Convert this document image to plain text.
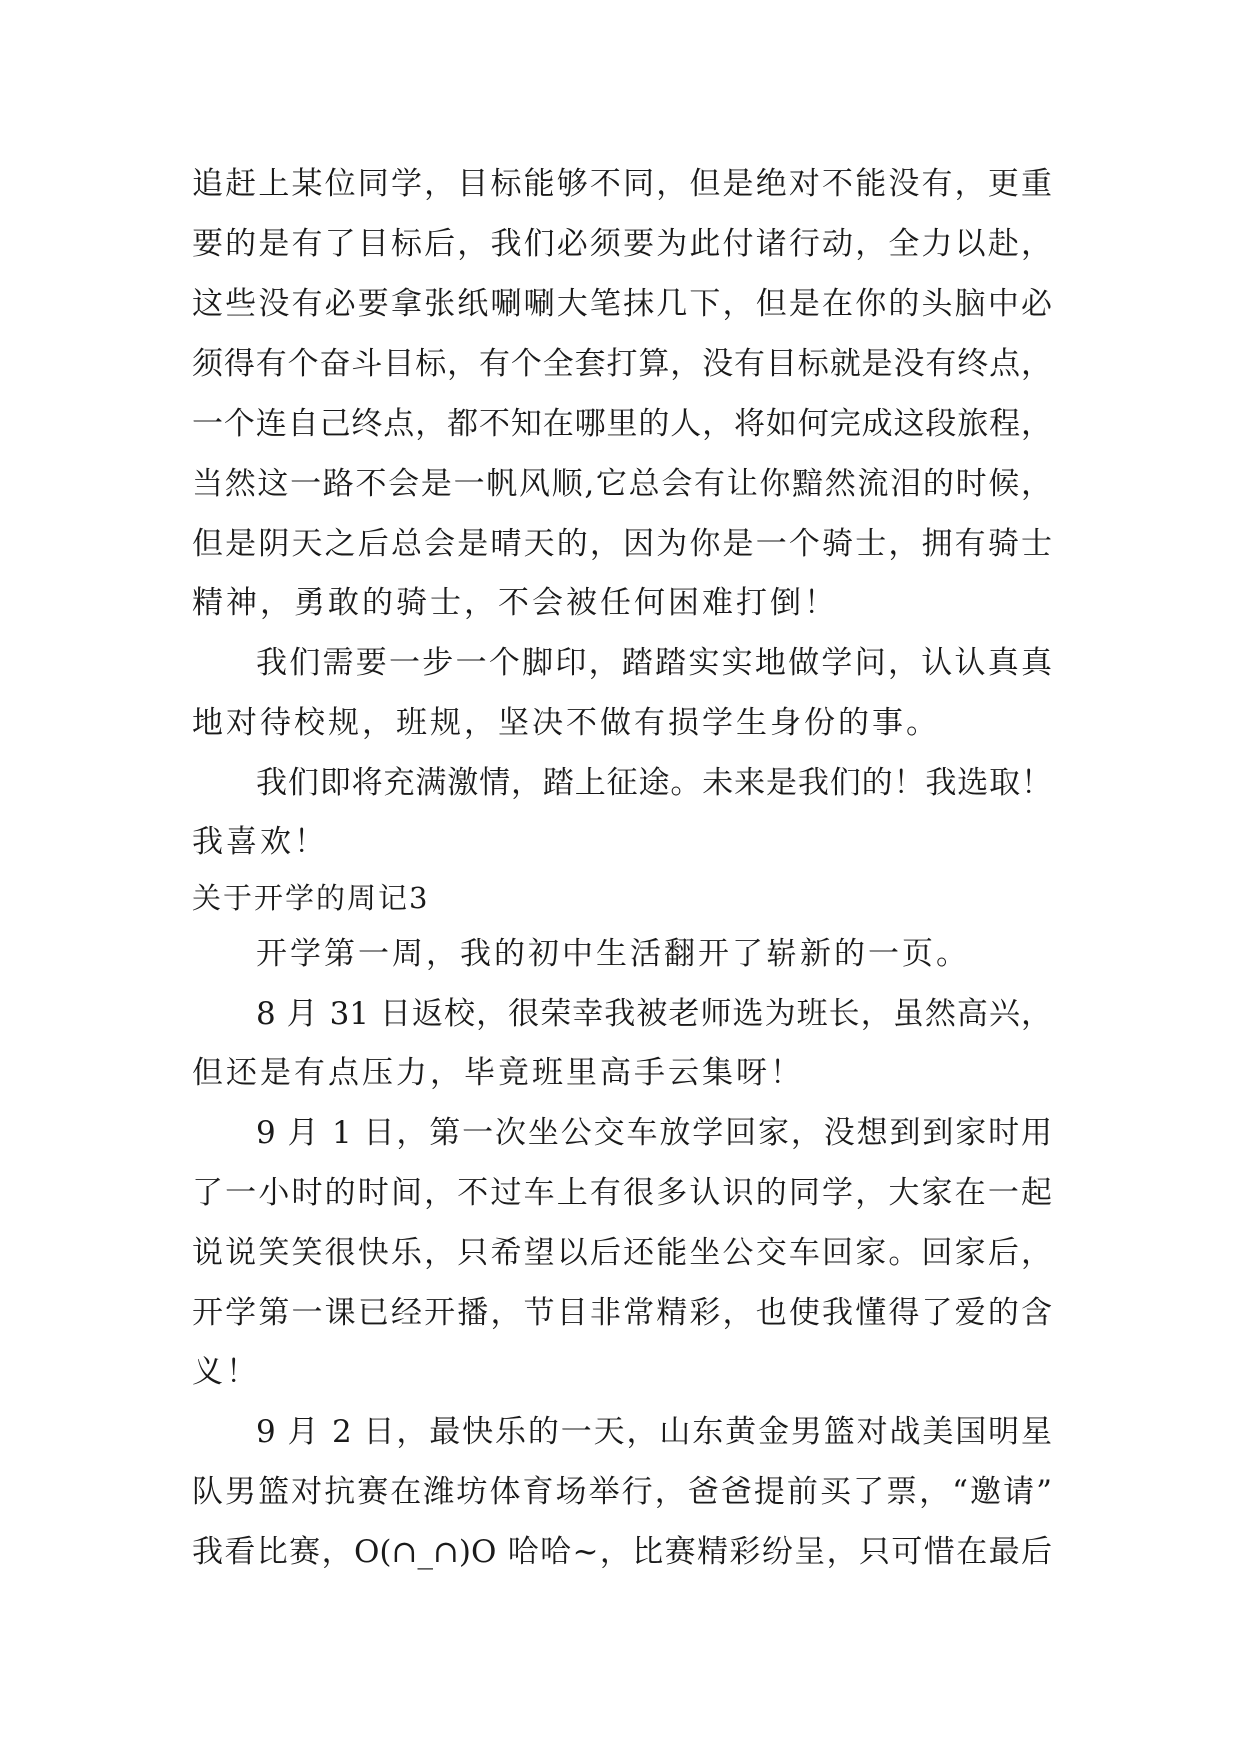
追赶上某位同学，目标能够不同，但是绝对不能没有，更重
要的是有了目标后，我们必须要为此付诸行动，全力以赴，
这些没有必要拿张纸唰唰大笔抹几下，但是在你的头脑中必
须得有个奋斗目标，有个全套打算，没有目标就是没有终点，
一个连自己终点，都不知在哪里的人，将如何完成这段旅程，
当然这一路不会是一帆风顺,它总会有让你黯然流泪的时候，
但是阴天之后总会是晴天的，因为你是一个骑士，拥有骑士
精神，勇敢的骑士，不会被任何困难打倒！
我们需要一步一个脚印，踏踏实实地做学问，认认真真
地对待校规，班规，坚决不做有损学生身份的事。
我们即将充满激情，踏上征途。未来是我们的！我选取！
我喜欢！
关于开学的周记3
开学第一周，我的初中生活翻开了崭新的一页。
8 月 31 日返校，很荣幸我被老师选为班长，虽然高兴，
但还是有点压力，毕竟班里高手云集呀！
9 月 1 日，第一次坐公交车放学回家，没想到到家时用
了一小时的时间，不过车上有很多认识的同学，大家在一起
说说笑笑很快乐，只希望以后还能坐公交车回家。回家后，
开学第一课已经开播，节目非常精彩，也使我懂得了爱的含
义！
9 月 2 日，最快乐的一天，山东黄金男篮对战美国明星
队男篮对抗赛在潍坊体育场举行，爸爸提前买了票，“邀请”
我看比赛，O(∩_∩)O 哈哈~，比赛精彩纷呈，只可惜在最后
